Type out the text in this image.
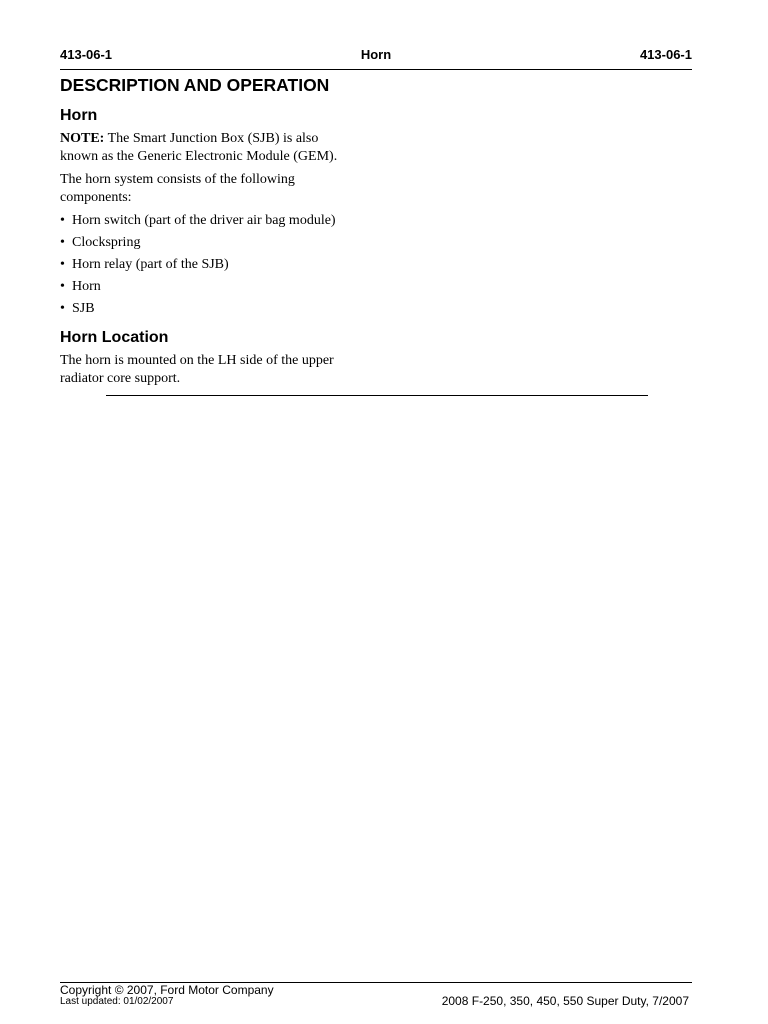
413-06-1	Horn	413-06-1
DESCRIPTION AND OPERATION
Horn

NOTE: The Smart Junction Box (SJB) is also known as the Generic Electronic Module (GEM).

The horn system consists of the following components:

• Horn switch (part of the driver air bag module)
• Clockspring
• Horn relay (part of the SJB)
• Horn
• SJB
Horn Location

The horn is mounted on the LH side of the upper radiator core support.

Copyright © 2007, Ford Motor Company
Last updated: 01/02/2007	2008 F-250, 350, 450, 550 Super Duty, 7/2007
